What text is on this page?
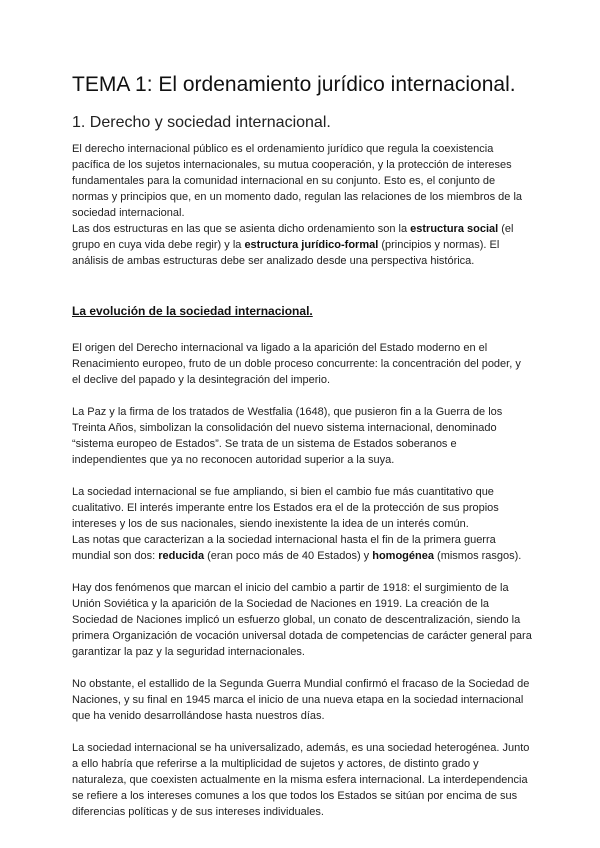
TEMA 1: El ordenamiento jurídico internacional.
1. Derecho y sociedad internacional.

El derecho internacional público es el ordenamiento jurídico que regula la coexistencia pacífica de los sujetos internacionales, su mutua cooperación, y la protección de intereses fundamentales para la comunidad internacional en su conjunto. Esto es, el conjunto de normas y principios que, en un momento dado, regulan las relaciones de los miembros de la sociedad internacional.

Las dos estructuras en las que se asienta dicho ordenamiento son la estructura social (el grupo en cuya vida debe regir) y la estructura jurídico-formal (principios y normas). El análisis de ambas estructuras debe ser analizado desde una perspectiva histórica.

La evolución de la sociedad internacional.

El origen del Derecho internacional va ligado a la aparición del Estado moderno en el Renacimiento europeo, fruto de un doble proceso concurrente: la concentración del poder, y el declive del papado y la desintegración del imperio.

La Paz y la firma de los tratados de Westfalia (1648), que pusieron fin a la Guerra de los Treinta Años, simbolizan la consolidación del nuevo sistema internacional, denominado “sistema europeo de Estados”. Se trata de un sistema de Estados soberanos e independientes que ya no reconocen autoridad superior a la suya.

La sociedad internacional se fue ampliando, si bien el cambio fue más cuantitativo que cualitativo. El interés imperante entre los Estados era el de la protección de sus propios intereses y los de sus nacionales, siendo inexistente la idea de un interés común.

Las notas que caracterizan a la sociedad internacional hasta el fin de la primera guerra mundial son dos: reducida (eran poco más de 40 Estados) y homogénea (mismos rasgos).

Hay dos fenómenos que marcan el inicio del cambio a partir de 1918: el surgimiento de la Unión Soviética y la aparición de la Sociedad de Naciones en 1919. La creación de la Sociedad de Naciones implicó un esfuerzo global, un conato de descentralización, siendo la primera Organización de vocación universal dotada de competencias de carácter general para garantizar la paz y la seguridad internacionales.

No obstante, el estallido de la Segunda Guerra Mundial confirmó el fracaso de la Sociedad de Naciones, y su final en 1945 marca el inicio de una nueva etapa en la sociedad internacional que ha venido desarrollándose hasta nuestros días.

La sociedad internacional se ha universalizado, además, es una sociedad heterogénea. Junto a ello habría que referirse a la multiplicidad de sujetos y actores, de distinto grado y naturaleza, que coexisten actualmente en la misma esfera internacional. La interdependencia se refiere a los intereses comunes a los que todos los Estados se sitúan por encima de sus diferencias políticas y de sus intereses individuales.
